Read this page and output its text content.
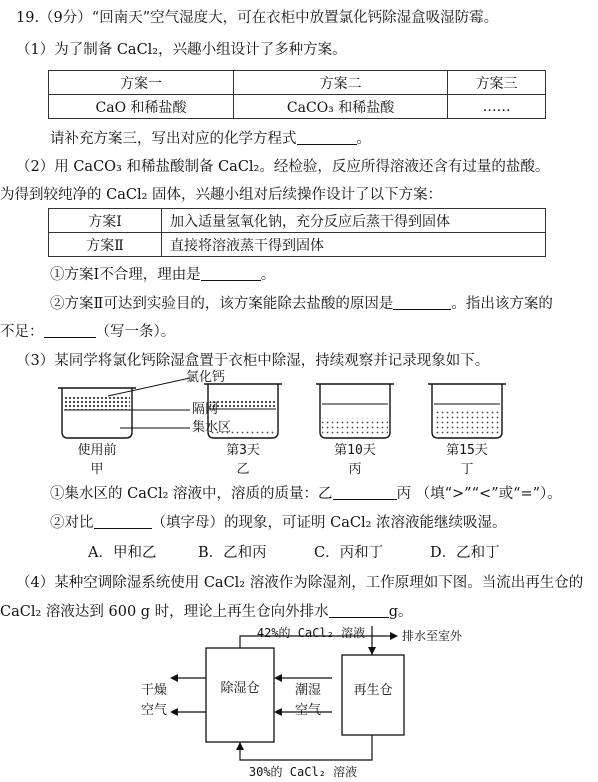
19.（9分）“回南天”空气湿度大，可在衣柜中放置氯化钙除湿盒吸湿防霉。
（1）为了制备 CaCl₂，兴趣小组设计了多种方案。
方案一	方案二	方案三
CaO 和稀盐酸	CaCO₃ 和稀盐酸	……
请补充方案三，写出对应的化学方程式	。
（2）用 CaCO₃ 和稀盐酸制备 CaCl₂。经检验，反应所得溶液还含有过量的盐酸。
为得到较纯净的 CaCl₂ 固体，兴趣小组对后续操作设计了以下方案：
方案Ⅰ	加入适量氢氧化钠，充分反应后蒸干得到固体
方案Ⅱ	直接将溶液蒸干得到固体
①方案Ⅰ不合理，理由是	。
②方案Ⅱ可达到实验目的，该方案能除去盐酸的原因是	。指出该方案的
不足：	（写一条）。
（3）某同学将氯化钙除湿盒置于衣柜中除湿，持续观察并记录现象如下。
氯化钙
隔网
集水区
使用前
甲
第3天
乙
第10天
丙
第15天
丁
①集水区的 CaCl₂ 溶液中，溶质的质量：乙	丙 （填“>”“<”或“=”）。
②对比	（填字母）的现象，可证明 CaCl₂ 浓溶液能继续吸湿。
A．甲和乙	B．乙和丙	C．丙和丁	D．乙和丁
（4）某种空调除湿系统使用 CaCl₂ 溶液作为除湿剂，工作原理如下图。当流出再生仓的
CaCl₂ 溶液达到 600 g 时，理论上再生仓向外排水	g。
42%的 CaCl₂ 溶液	排水至室外
除湿仓	再生仓
干燥
空气
潮湿
空气
30%的 CaCl₂ 溶液
